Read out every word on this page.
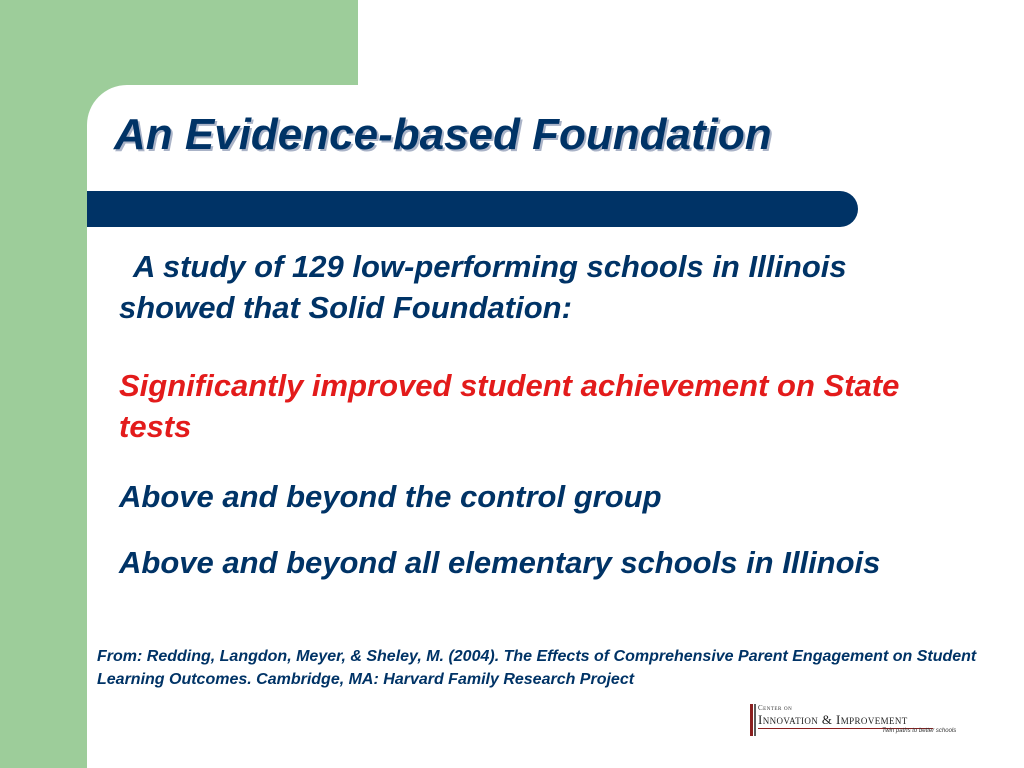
An Evidence-based Foundation

A study of 129 low-performing schools in Illinois showed that Solid Foundation:

Significantly improved student achievement on State tests

Above and beyond the control group

Above and beyond all elementary schools in Illinois

From: Redding, Langdon, Meyer, & Sheley, M. (2004). The Effects of Comprehensive Parent Engagement on Student Learning Outcomes. Cambridge, MA: Harvard Family Research Project

Center on
Innovation & Improvement
Twin paths to better schools
